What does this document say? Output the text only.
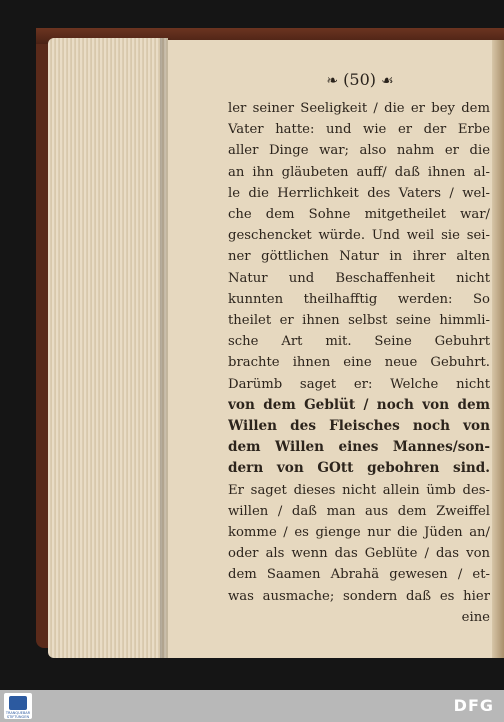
❧ (50) ☙
ler seiner Seeligkeit / die er bey dem
Vater hatte: und wie er der Erbe
aller Dinge war; also nahm er die
an ihn gläubeten auff/ daß ihnen al-
le die Herrlichkeit des Vaters / wel-
che dem Sohne mitgetheilet war/
geschencket würde. Und weil sie sei-
ner göttlichen Natur in ihrer alten
Natur und Beschaffenheit nicht
kunnten theilhafftig werden: So
theilet er ihnen selbst seine himmli-
sche Art mit. Seine Gebuhrt
brachte ihnen eine neue Gebuhrt.
Darümb saget er: Welche nicht
von dem Geblüt / noch von dem
Willen des Fleisches noch von
dem Willen eines Mannes/son-
dern von GOtt gebohren sind.
Er saget dieses nicht allein ümb des-
willen / daß man aus dem Zweiffel
komme / es gienge nur die Jüden an/
oder als wenn das Geblüte / das von
dem Saamen Abrahä gewesen / et-
was ausmache; sondern daß es hier
eine
TRANQUEBAR STIFTUNGEN
DFG
